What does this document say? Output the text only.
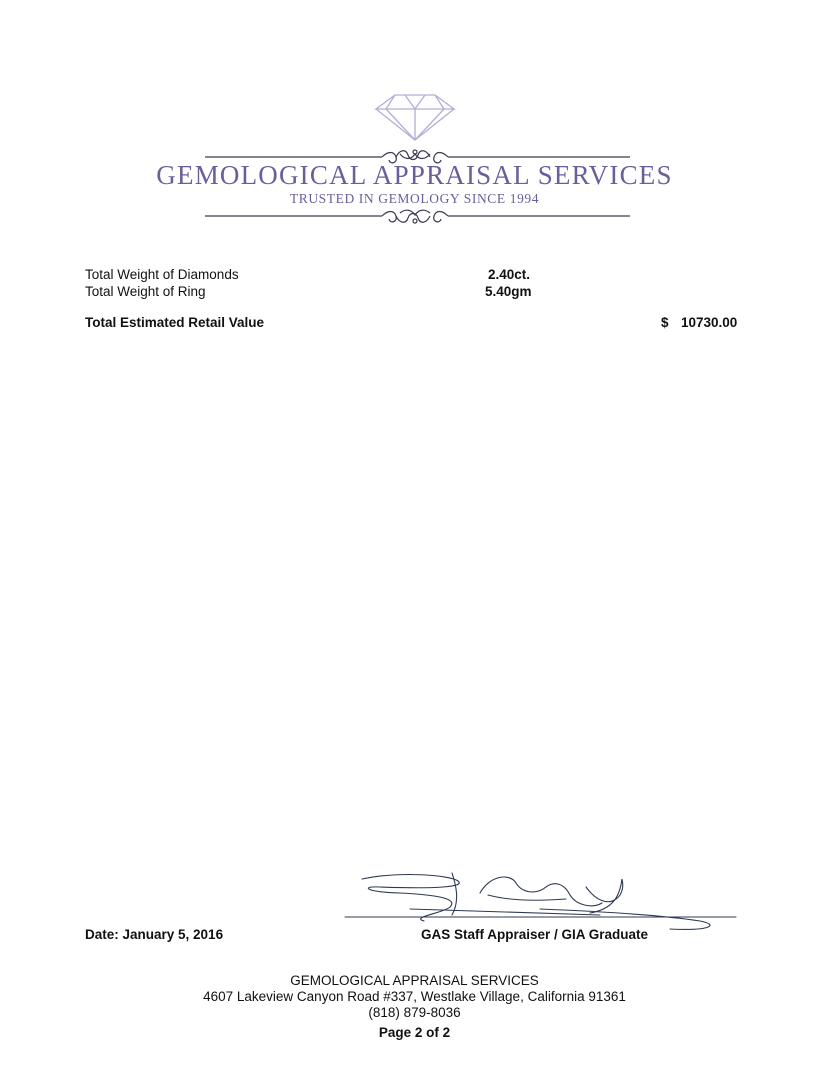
GEMOLOGICAL APPRAISAL SERVICES
TRUSTED IN GEMOLOGY SINCE 1994
Total Weight of Diamonds	2.40ct.
Total Weight of Ring	5.40gm
Total Estimated Retail Value	$ 10730.00
Date: January 5, 2016	GAS Staff Appraiser / GIA Graduate
GEMOLOGICAL APPRAISAL SERVICES
4607 Lakeview Canyon Road #337, Westlake Village, California 91361
(818) 879-8036
Page 2 of 2
